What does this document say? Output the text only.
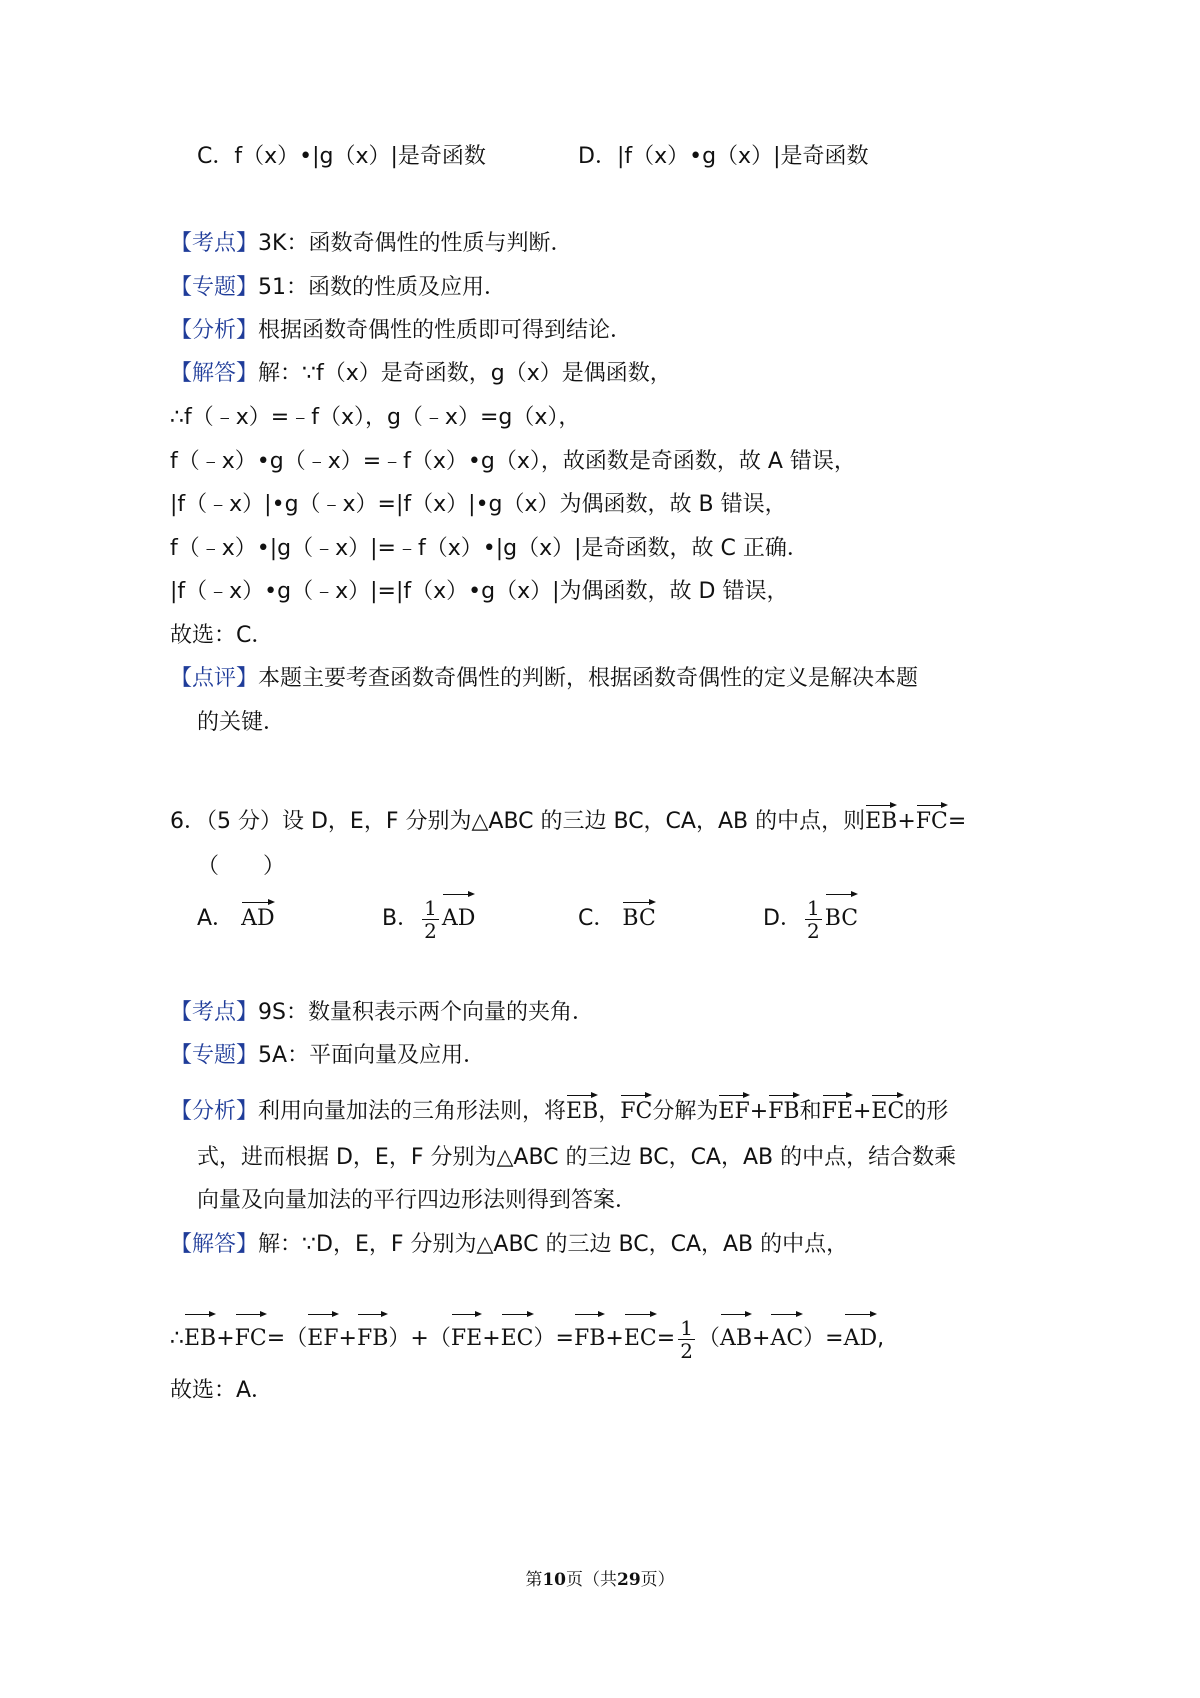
C．f（x）•|g（x）|是奇函数	D．|f（x）•g（x）|是奇函数
【考点】3K：函数奇偶性的性质与判断．
【专题】51：函数的性质及应用．
【分析】根据函数奇偶性的性质即可得到结论．
【解答】解：∵f（x）是奇函数，g（x）是偶函数，
∴f（﹣x）=﹣f（x），g（﹣x）=g（x），
f（﹣x）•g（﹣x）=﹣f（x）•g（x），故函数是奇函数，故 A 错误，
|f（﹣x）|•g（﹣x）=|f（x）|•g（x）为偶函数，故 B 错误，
f（﹣x）•|g（﹣x）|=﹣f（x）•|g（x）|是奇函数，故 C 正确．
|f（﹣x）•g（﹣x）|=|f（x）•g（x）|为偶函数，故 D 错误，
故选：C．
【点评】本题主要考查函数奇偶性的判断，根据函数奇偶性的定义是解决本题
的关键．
6．（5 分）设 D，E，F 分别为△ABC 的三边 BC，CA，AB 的中点，则EB+FC=
（　　）
A． AD	B． $\frac{1}{2}$ AD	C． BC	D． $\frac{1}{2}$ BC
【考点】9S：数量积表示两个向量的夹角．
【专题】5A：平面向量及应用．
【分析】利用向量加法的三角形法则，将EB，FC分解为EF+FB和FE+EC的形
式，进而根据 D，E，F 分别为△ABC 的三边 BC，CA，AB 的中点，结合数乘
向量及向量加法的平行四边形法则得到答案．
【解答】解：∵D，E，F 分别为△ABC 的三边 BC，CA，AB 的中点，
∴EB+FC=（EF+FB）+（FE+EC）=FB+EC= $\frac{1}{2} (AB+AC)=AD$,
故选：A．
第10页（共29页）
